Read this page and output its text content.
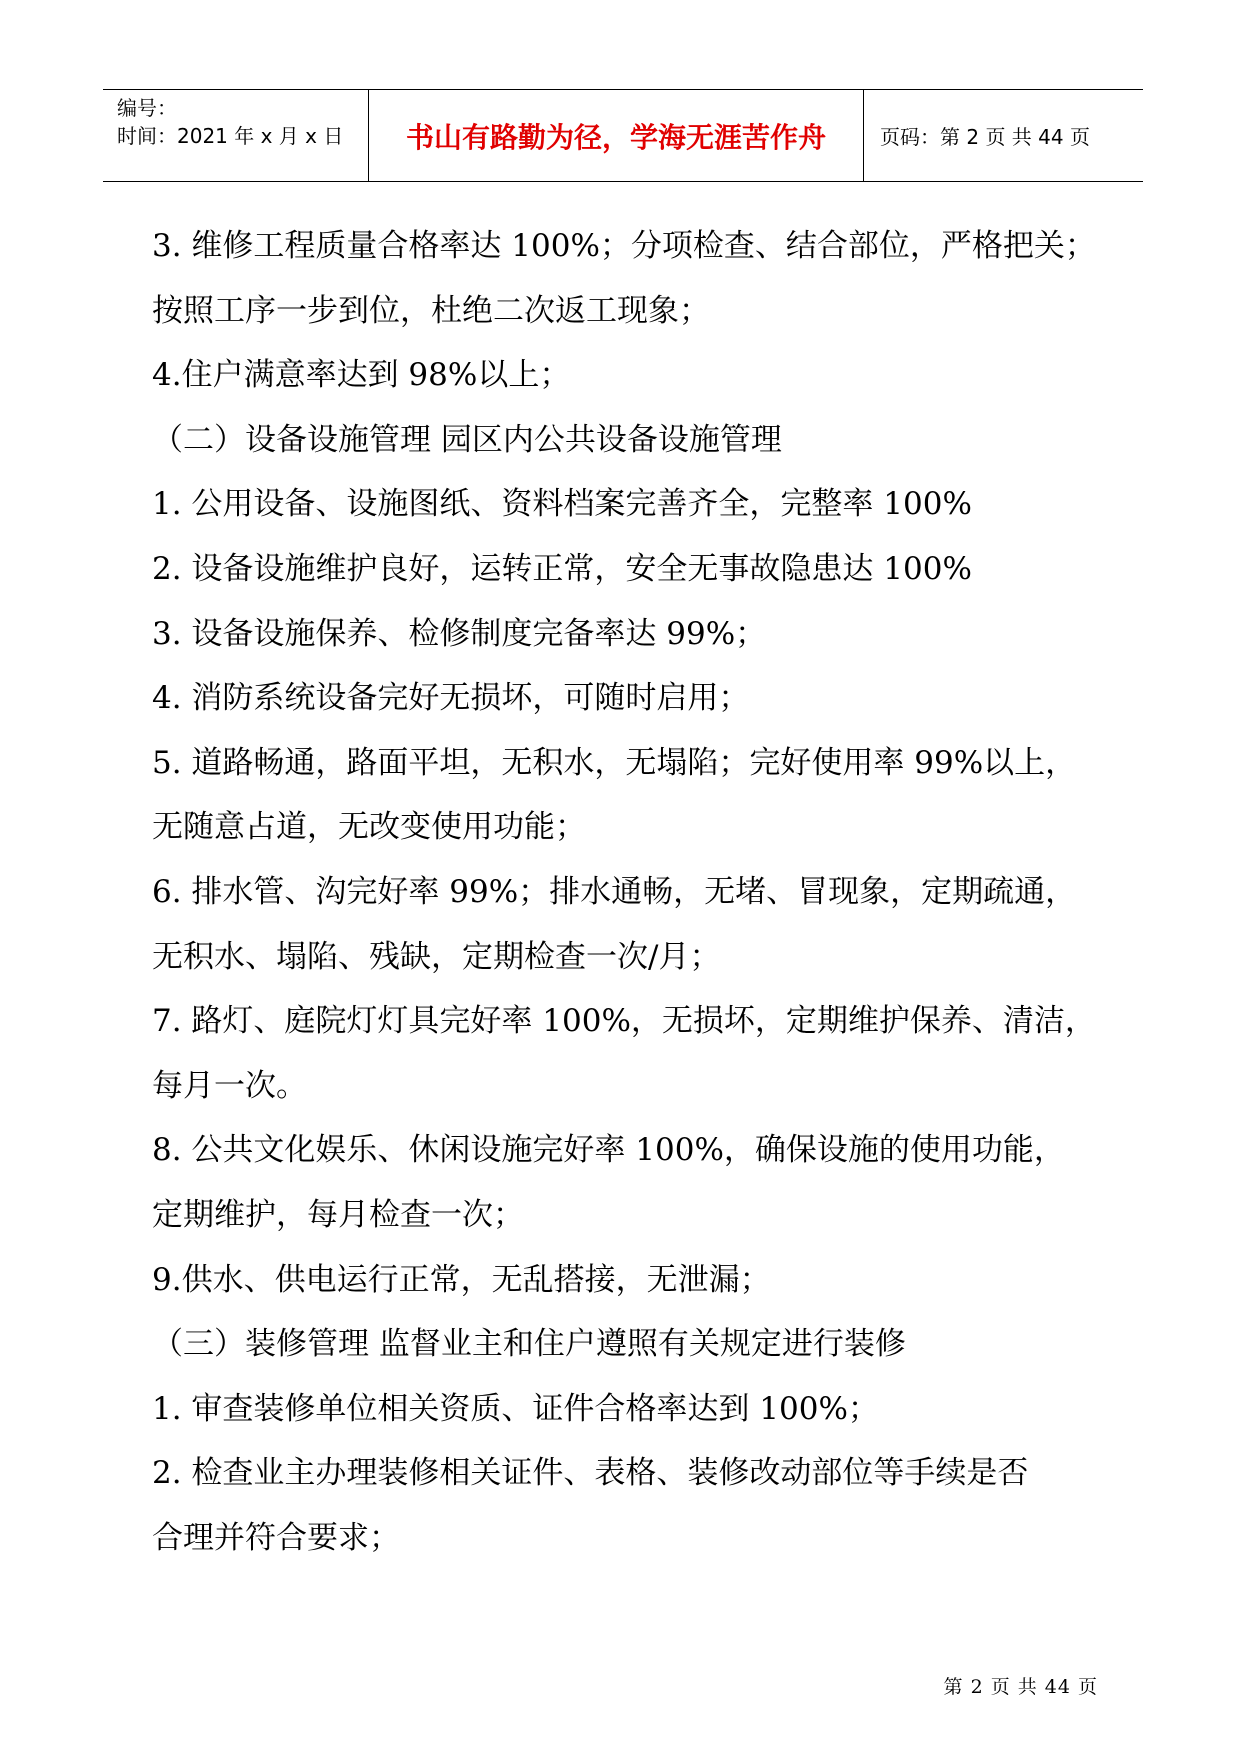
编号：
时间：2021 年 x 月 x 日	书山有路勤为径，学海无涯苦作舟	页码：第 2 页 共 44 页
3. 维修工程质量合格率达 100%；分项检查、结合部位，严格把关；
按照工序一步到位，杜绝二次返工现象；
4.住户满意率达到 98%以上；
（二）设备设施管理 园区内公共设备设施管理
1. 公用设备、设施图纸、资料档案完善齐全，完整率 100%
2. 设备设施维护良好，运转正常，安全无事故隐患达 100%
3. 设备设施保养、检修制度完备率达 99%；
4. 消防系统设备完好无损坏，可随时启用；
5. 道路畅通，路面平坦，无积水，无塌陷；完好使用率 99%以上，
无随意占道，无改变使用功能；
6. 排水管、沟完好率 99%；排水通畅，无堵、冒现象，定期疏通，
无积水、塌陷、残缺，定期检查一次/月；
7. 路灯、庭院灯灯具完好率 100%，无损坏，定期维护保养、清洁，
每月一次。
8. 公共文化娱乐、休闲设施完好率 100%，确保设施的使用功能，
定期维护，每月检查一次；
9.供水、供电运行正常，无乱搭接，无泄漏；
（三）装修管理 监督业主和住户遵照有关规定进行装修
1. 审查装修单位相关资质、证件合格率达到 100%；
2. 检查业主办理装修相关证件、表格、装修改动部位等手续是否
合理并符合要求；
第 2 页 共 44 页
